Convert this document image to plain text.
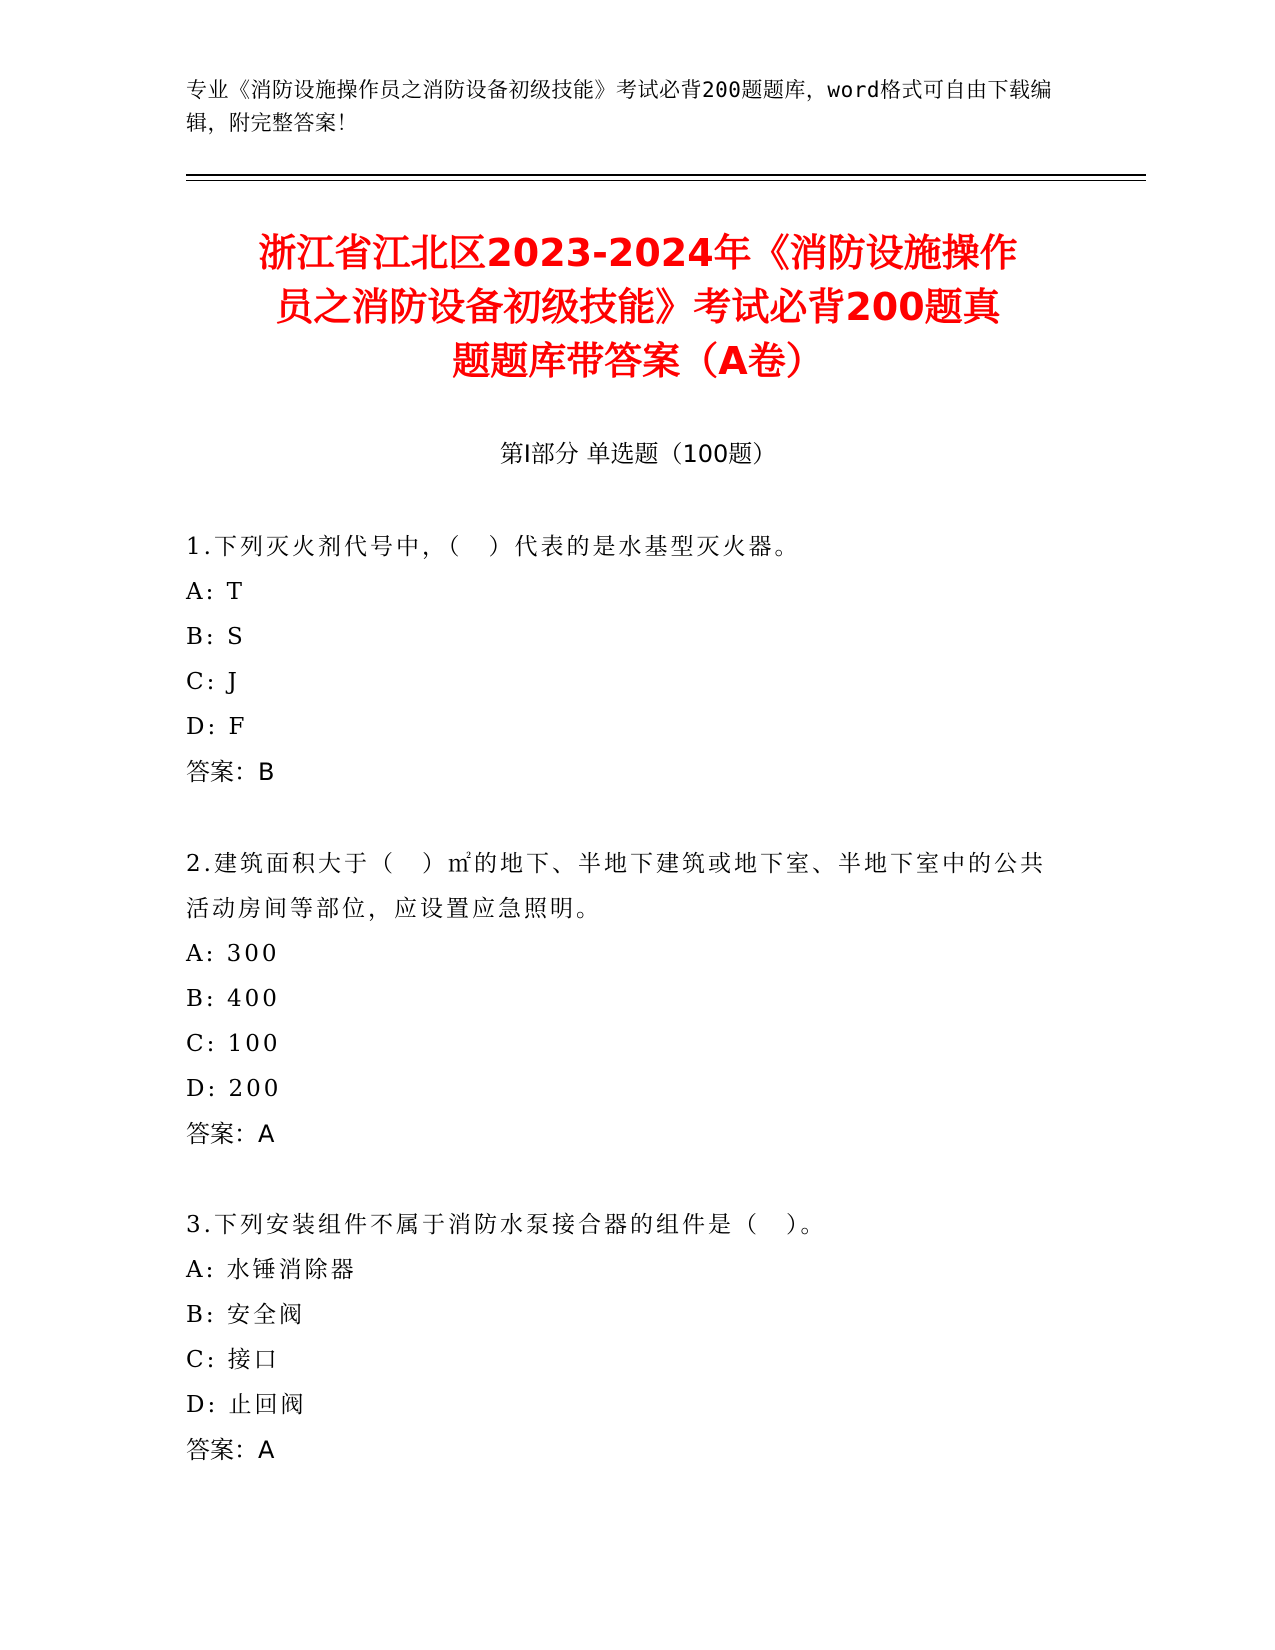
专业《消防设施操作员之消防设备初级技能》考试必背200题题库，word格式可自由下载编辑，附完整答案！
浙江省江北区2023-2024年《消防设施操作
员之消防设备初级技能》考试必背200题真
题题库带答案（A卷）
第I部分 单选题（100题）
1.下列灭火剂代号中，（　）代表的是水基型灭火器。
A: T
B: S
C: J
D: F
答案：B
2.建筑面积大于（　）㎡的地下、半地下建筑或地下室、半地下室中的公共活动房间等部位，应设置应急照明。
A: 300
B: 400
C: 100
D: 200
答案：A
3.下列安装组件不属于消防水泵接合器的组件是（　）。
A: 水锤消除器
B: 安全阀
C: 接口
D: 止回阀
答案：A
